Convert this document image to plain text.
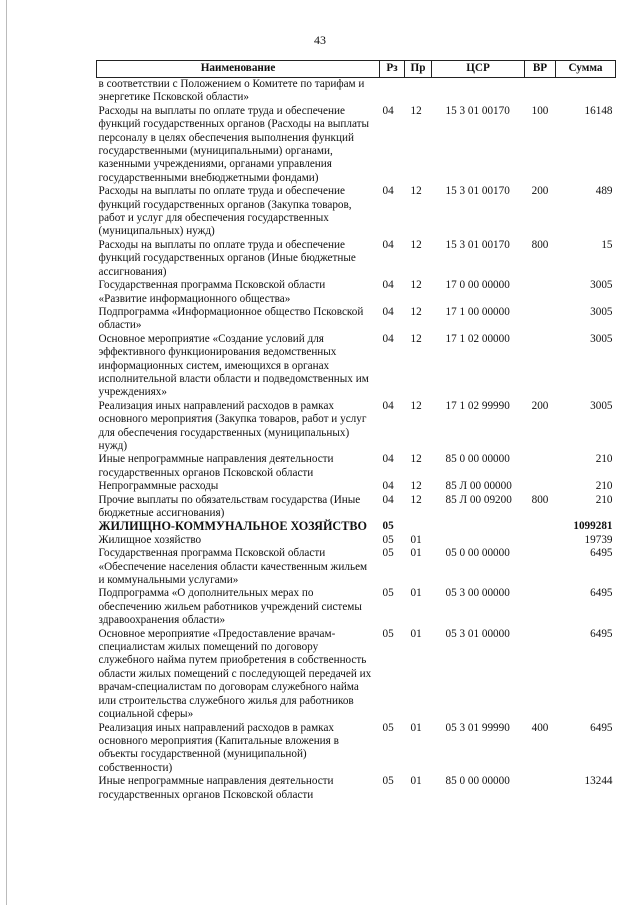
43
Наименование	Рз	Пр	ЦСР	ВР	Сумма
в соответствии с Положением о Комитете по тарифам и энергетике Псковской области»					
Расходы на выплаты по оплате труда и обеспечение функций государственных органов (Расходы на выплаты персоналу в целях обеспечения выполнения функций государственными (муниципальными) органами, казенными учреждениями, органами управления государственными внебюджетными фондами)	04	12	15 3 01 00170	100	16148
Расходы на выплаты по оплате труда и обеспечение функций государственных органов (Закупка товаров, работ и услуг для обеспечения государственных (муниципальных) нужд)	04	12	15 3 01 00170	200	489
Расходы на выплаты по оплате труда и обеспечение функций государственных органов (Иные бюджетные ассигнования)	04	12	15 3 01 00170	800	15
Государственная программа Псковской области «Развитие информационного общества»	04	12	17 0 00 00000		3005
Подпрограмма «Информационное общество Псковской области»	04	12	17 1 00 00000		3005
Основное мероприятие «Создание условий для эффективного функционирования ведомственных информационных систем, имеющихся в органах исполнительной власти области и подведомственных им учреждениях»	04	12	17 1 02 00000		3005
Реализация иных направлений расходов в рамках основного мероприятия (Закупка товаров, работ и услуг для обеспечения государственных (муниципальных) нужд)	04	12	17 1 02 99990	200	3005
Иные непрограммные направления деятельности государственных органов Псковской области	04	12	85 0 00 00000		210
Непрограммные расходы	04	12	85 Л 00 00000		210
Прочие выплаты по обязательствам государства (Иные бюджетные ассигнования)	04	12	85 Л 00 09200	800	210
ЖИЛИЩНО-КОММУНАЛЬНОЕ ХОЗЯЙСТВО	05				1099281
Жилищное хозяйство	05	01			19739
Государственная программа Псковской области «Обеспечение населения области качественным жильем и коммунальными услугами»	05	01	05 0 00 00000		6495
Подпрограмма «О дополнительных мерах по обеспечению жильем работников учреждений системы здравоохранения области»	05	01	05 3 00 00000		6495
Основное мероприятие «Предоставление врачам-специалистам жилых помещений по договору служебного найма путем приобретения в собственность области жилых помещений с последующей передачей их врачам-специалистам по договорам служебного найма или строительства служебного жилья для работников социальной сферы»	05	01	05 3 01 00000		6495
Реализация иных направлений расходов в рамках основного мероприятия (Капитальные вложения в объекты государственной (муниципальной) собственности)	05	01	05 3 01 99990	400	6495
Иные непрограммные направления деятельности государственных органов Псковской области	05	01	85 0 00 00000		13244
